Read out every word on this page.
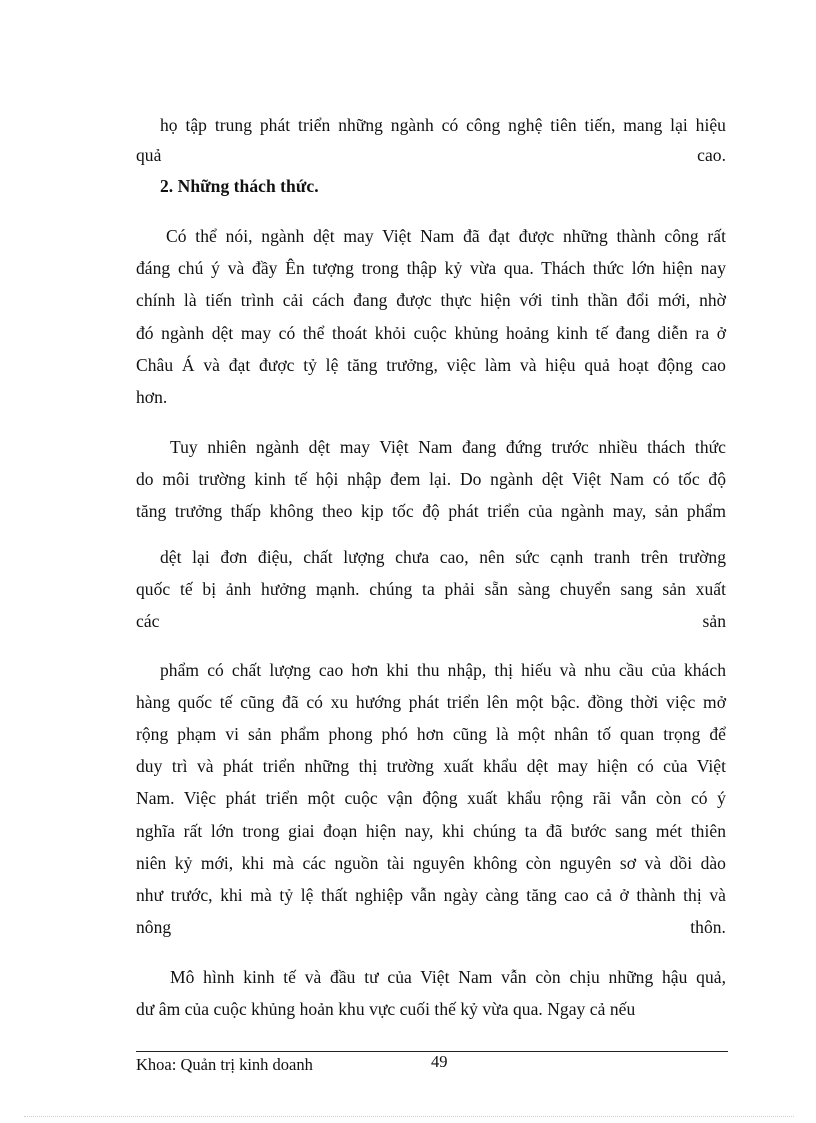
họ tập trung phát triển những ngành có công nghệ tiên tiến, mang lại hiệu
quả cao.
2. Những thách thức.
Có thể nói, ngành dệt may Việt Nam đã đạt được những thành công rất
đáng chú ý và đầy Ên tượng trong thập kỷ vừa qua. Thách thức lớn hiện nay
chính là tiến trình cải cách đang được thực hiện với tinh thần đổi mới, nhờ
đó ngành dệt may có thể thoát khỏi cuộc khủng hoảng kinh tế đang diễn ra ở
Châu Á và đạt được tỷ lệ tăng trưởng, việc làm và hiệu quả hoạt động cao
hơn.
Tuy nhiên ngành dệt may Việt Nam đang đứng trước nhiều thách thức
do môi trường kinh tế hội nhập đem lại. Do ngành dệt Việt Nam có tốc độ
tăng trưởng thấp không theo kịp tốc độ phát triển của ngành may, sản phẩm
dệt lại đơn điệu, chất lượng chưa cao, nên sức cạnh tranh trên trường
quốc tế bị ảnh hưởng mạnh. chúng ta phải sẵn sàng chuyển sang sản xuất
các sản
phẩm có chất lượng cao hơn khi thu nhập, thị hiếu và nhu cầu của khách
hàng quốc tế cũng đã có xu hướng phát triển lên một bậc. đồng thời việc mở
rộng phạm vi sản phẩm phong phó hơn cũng là một nhân tố quan trọng để
duy trì và phát triển những thị trường xuất khẩu dệt may hiện có của Việt
Nam. Việc phát triển một cuộc vận động xuất khẩu rộng rãi vẫn còn có ý
nghĩa rất lớn trong giai đoạn hiện nay, khi chúng ta đã bước sang mét thiên
niên kỷ mới, khi mà các nguồn tài nguyên không còn nguyên sơ và dồi dào
như trước, khi mà tỷ lệ thất nghiệp vẫn ngày càng tăng cao cả ở thành thị và
nông thôn.
Mô hình kinh tế và đầu tư của Việt Nam vẫn còn chịu những hậu quả,
dư âm của cuộc khủng hoản khu vực cuối thế kỷ vừa qua. Ngay cả nếu
Khoa: Quản trị kinh doanh	49
